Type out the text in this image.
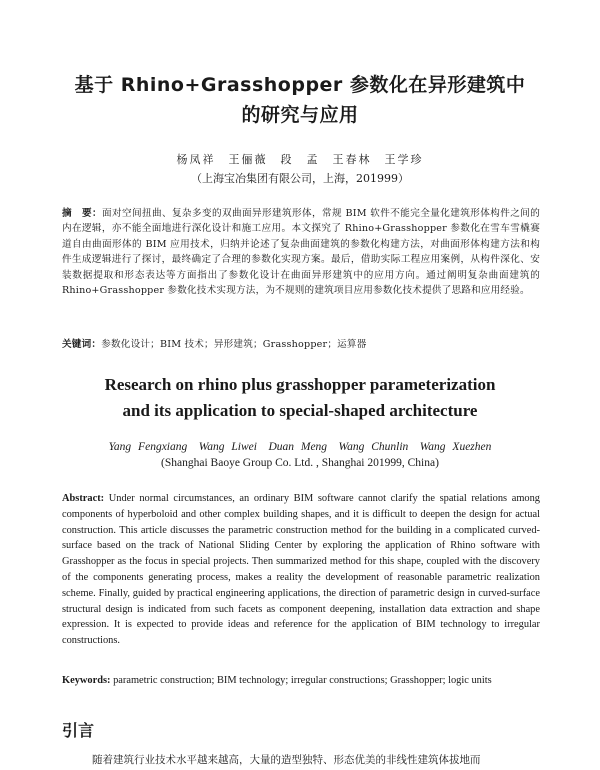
基于 Rhino+Grasshopper 参数化在异形建筑中
的研究与应用
杨凤祥　王俪薇　段　孟　王春林　王学珍
（上海宝冶集团有限公司，上海，201999）
摘　要：面对空间扭曲、复杂多变的双曲面异形建筑形体，常规 BIM 软件不能完全量化建筑形体构件之间的内在逻辑，亦不能全面地进行深化设计和施工应用。本文探究了 Rhino+Grasshopper 参数化在雪车雪橇赛道自由曲面形体的 BIM 应用技术，归纳并论述了复杂曲面建筑的参数化构建方法，对曲面形体构建方法和构件生成逻辑进行了探讨，最终确定了合理的参数化实现方案。最后，借助实际工程应用案例，从构件深化、安装数据提取和形态表达等方面指出了参数化设计在曲面异形建筑中的应用方向。通过阐明复杂曲面建筑的 Rhino+Grasshopper 参数化技术实现方法，为不规则的建筑项目应用参数化技术提供了思路和应用经验。
关键词：参数化设计；BIM 技术；异形建筑；Grasshopper；运算器
Research on rhino plus grasshopper parameterization
and its application to special-shaped architecture
Yang Fengxiang　Wang Liwei　Duan Meng　Wang Chunlin　Wang Xuezhen
(Shanghai Baoye Group Co. Ltd. , Shanghai 201999, China)
Abstract: Under normal circumstances, an ordinary BIM software cannot clarify the spatial relations among components of hyperboloid and other complex building shapes, and it is difficult to deepen the design for actual construction. This article discusses the parametric construction method for the building in a complicated curved-surface based on the track of National Sliding Center by exploring the application of Rhino software with Grasshopper as the focus in special projects. Then summarized method for this shape, coupled with the discovery of the components generating process, makes a reality the development of reasonable parametric realization scheme. Finally, guided by practical engineering applications, the direction of parametric design in curved-surface structural design is indicated from such facets as component deepening, installation data extraction and shape expression. It is expected to provide ideas and reference for the application of BIM technology to irregular constructions.
Keywords: parametric construction; BIM technology; irregular constructions; Grasshopper; logic units
引言
随着建筑行业技术水平越来越高，大量的造型独特、形态优美的非线性建筑体拔地而
